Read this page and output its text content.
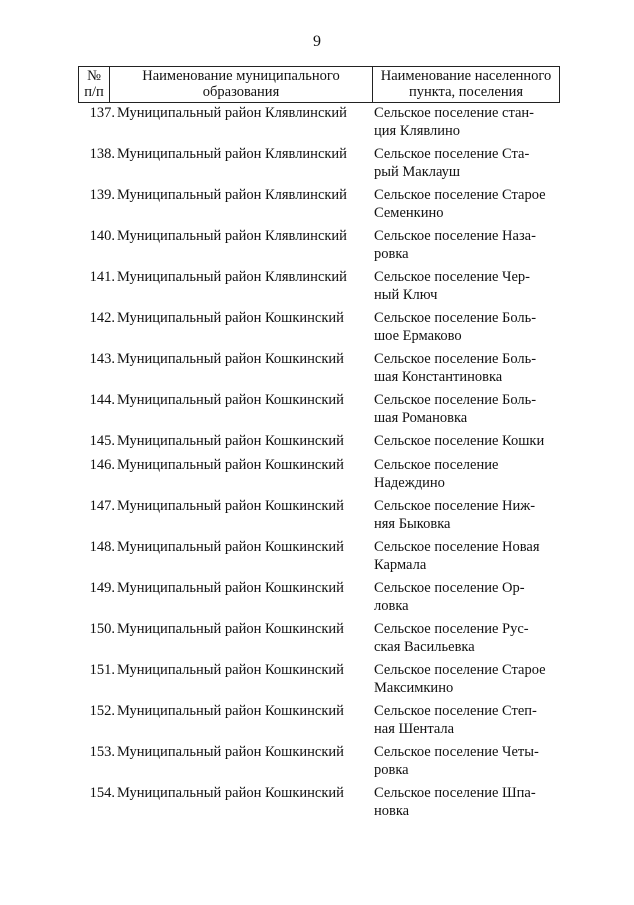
9
№
п/п

Наименование муниципального
образования

Наименование населенного
пункта, поселения
137. Муниципальный район Клявлинский Сельское поселение стан-
ция Клявлино
138. Муниципальный район Клявлинский Сельское поселение Ста-
рый Маклауш
139. Муниципальный район Клявлинский Сельское поселение Старое
Семенкино
140. Муниципальный район Клявлинский Сельское поселение Наза-
ровка
141. Муниципальный район Клявлинский Сельское поселение Чер-
ный Ключ
142. Муниципальный район Кошкинский Сельское поселение Боль-
шое Ермаково
143. Муниципальный район Кошкинский Сельское поселение Боль-
шая Константиновка
144. Муниципальный район Кошкинский Сельское поселение Боль-
шая Романовка
145. Муниципальный район Кошкинский Сельское поселение Кошки
146. Муниципальный район Кошкинский Сельское поселение
Надеждино
147. Муниципальный район Кошкинский Сельское поселение Ниж-
няя Быковка
148. Муниципальный район Кошкинский Сельское поселение Новая
Кармала
149. Муниципальный район Кошкинский Сельское поселение Ор-
ловка
150. Муниципальный район Кошкинский Сельское поселение Рус-
ская Васильевка
151. Муниципальный район Кошкинский Сельское поселение Старое
Максимкино
152. Муниципальный район Кошкинский Сельское поселение Степ-
ная Шентала
153. Муниципальный район Кошкинский Сельское поселение Четы-
ровка
154. Муниципальный район Кошкинский Сельское поселение Шпа-
новка
